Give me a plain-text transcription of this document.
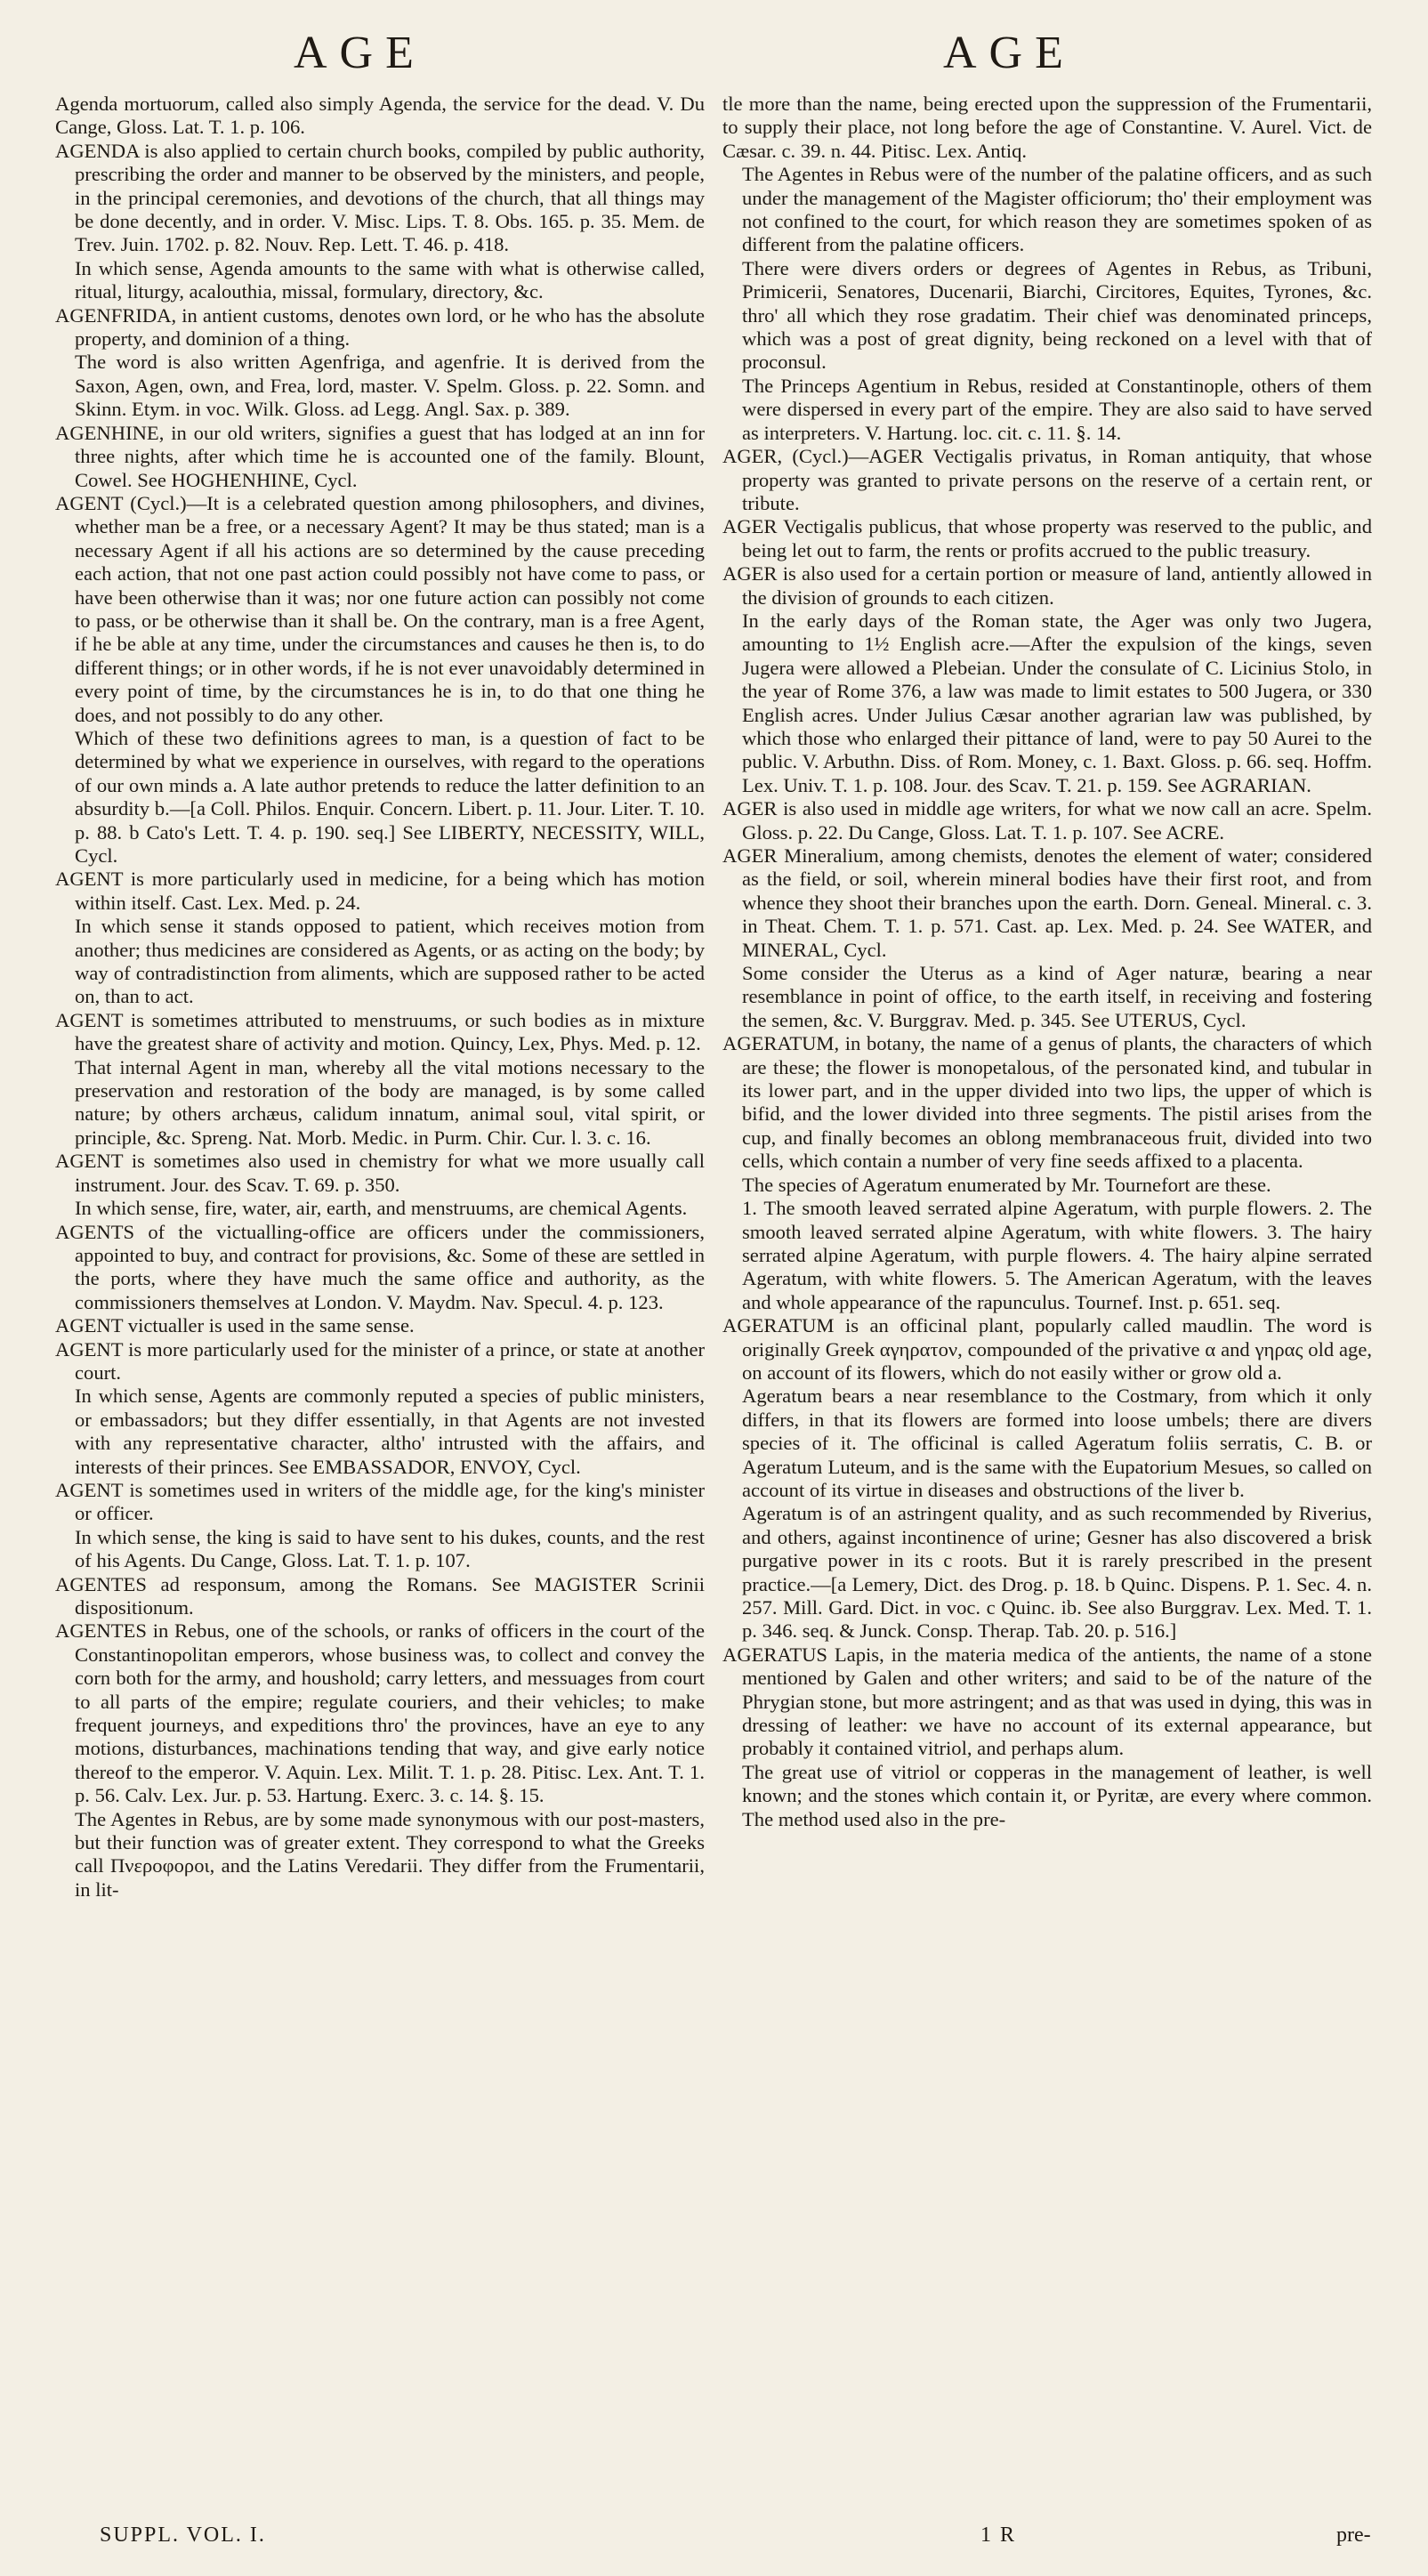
AGE	AGE

Agenda mortuorum, called also simply Agenda, the service for the dead. V. Du Cange, Gloss. Lat. T. 1. p. 106.

AGENDA is also applied to certain church books, compiled by public authority, prescribing the order and manner to be observed by the ministers, and people, in the principal ceremonies, and devotions of the church, that all things may be done decently, and in order. V. Misc. Lips. T. 8. Obs. 165. p. 35. Mem. de Trev. Juin. 1702. p. 82. Nouv. Rep. Lett. T. 46. p. 418.

In which sense, Agenda amounts to the same with what is otherwise called, ritual, liturgy, acalouthia, missal, formulary, directory, &c.

AGENFRIDA, in antient customs, denotes own lord, or he who has the absolute property, and dominion of a thing.

The word is also written Agenfriga, and agenfrie. It is derived from the Saxon, Agen, own, and Frea, lord, master. V. Spelm. Gloss. p. 22. Somn. and Skinn. Etym. in voc. Wilk. Gloss. ad Legg. Angl. Sax. p. 389.

AGENHINE, in our old writers, signifies a guest that has lodged at an inn for three nights, after which time he is accounted one of the family. Blount, Cowel. See HOGHENHINE, Cycl.

AGENT (Cycl.)—It is a celebrated question among philosophers, and divines, whether man be a free, or a necessary Agent? It may be thus stated; man is a necessary Agent if all his actions are so determined by the cause preceding each action, that not one past action could possibly not have come to pass, or have been otherwise than it was; nor one future action can possibly not come to pass, or be otherwise than it shall be. On the contrary, man is a free Agent, if he be able at any time, under the circumstances and causes he then is, to do different things; or in other words, if he is not ever unavoidably determined in every point of time, by the circumstances he is in, to do that one thing he does, and not possibly to do any other.

Which of these two definitions agrees to man, is a question of fact to be determined by what we experience in ourselves, with regard to the operations of our own minds a. A late author pretends to reduce the latter definition to an absurdity b.—[a Coll. Philos. Enquir. Concern. Libert. p. 11. Jour. Liter. T. 10. p. 88. b Cato's Lett. T. 4. p. 190. seq.] See LIBERTY, NECESSITY, WILL, Cycl.

AGENT is more particularly used in medicine, for a being which has motion within itself. Cast. Lex. Med. p. 24.

In which sense it stands opposed to patient, which receives motion from another; thus medicines are considered as Agents, or as acting on the body; by way of contradistinction from aliments, which are supposed rather to be acted on, than to act.

AGENT is sometimes attributed to menstruums, or such bodies as in mixture have the greatest share of activity and motion. Quincy, Lex, Phys. Med. p. 12.

That internal Agent in man, whereby all the vital motions necessary to the preservation and restoration of the body are managed, is by some called nature; by others archæus, calidum innatum, animal soul, vital spirit, or principle, &c. Spreng. Nat. Morb. Medic. in Purm. Chir. Cur. l. 3. c. 16.

AGENT is sometimes also used in chemistry for what we more usually call instrument. Jour. des Scav. T. 69. p. 350.

In which sense, fire, water, air, earth, and menstruums, are chemical Agents.

AGENTS of the victualling-office are officers under the commissioners, appointed to buy, and contract for provisions, &c. Some of these are settled in the ports, where they have much the same office and authority, as the commissioners themselves at London. V. Maydm. Nav. Specul. 4. p. 123.

AGENT victualler is used in the same sense.

AGENT is more particularly used for the minister of a prince, or state at another court.

In which sense, Agents are commonly reputed a species of public ministers, or embassadors; but they differ essentially, in that Agents are not invested with any representative character, altho' intrusted with the affairs, and interests of their princes. See EMBASSADOR, ENVOY, Cycl.

AGENT is sometimes used in writers of the middle age, for the king's minister or officer.

In which sense, the king is said to have sent to his dukes, counts, and the rest of his Agents. Du Cange, Gloss. Lat. T. 1. p. 107.

AGENTES ad responsum, among the Romans. See MAGISTER Scrinii dispositionum.

AGENTES in Rebus, one of the schools, or ranks of officers in the court of the Constantinopolitan emperors, whose business was, to collect and convey the corn both for the army, and houshold; carry letters, and messuages from court to all parts of the empire; regulate couriers, and their vehicles; to make frequent journeys, and expeditions thro' the provinces, have an eye to any motions, disturbances, machinations tending that way, and give early notice thereof to the emperor. V. Aquin. Lex. Milit. T. 1. p. 28. Pitisc. Lex. Ant. T. 1. p. 56. Calv. Lex. Jur. p. 53. Hartung. Exerc. 3. c. 14. §. 15.

The Agentes in Rebus, are by some made synonymous with our post-masters, but their function was of greater extent. They correspond to what the Greeks call Πνεροφοροι, and the Latins Veredarii. They differ from the Frumentarii, in lit-

tle more than the name, being erected upon the suppression of the Frumentarii, to supply their place, not long before the age of Constantine. V. Aurel. Vict. de Cæsar. c. 39. n. 44. Pitisc. Lex. Antiq.

The Agentes in Rebus were of the number of the palatine officers, and as such under the management of the Magister officiorum; tho' their employment was not confined to the court, for which reason they are sometimes spoken of as different from the palatine officers.

There were divers orders or degrees of Agentes in Rebus, as Tribuni, Primicerii, Senatores, Ducenarii, Biarchi, Circitores, Equites, Tyrones, &c. thro' all which they rose gradatim. Their chief was denominated princeps, which was a post of great dignity, being reckoned on a level with that of proconsul.

The Princeps Agentium in Rebus, resided at Constantinople, others of them were dispersed in every part of the empire. They are also said to have served as interpreters. V. Hartung. loc. cit. c. 11. §. 14.

AGER, (Cycl.)—AGER Vectigalis privatus, in Roman antiquity, that whose property was granted to private persons on the reserve of a certain rent, or tribute.

AGER Vectigalis publicus, that whose property was reserved to the public, and being let out to farm, the rents or profits accrued to the public treasury.

AGER is also used for a certain portion or measure of land, antiently allowed in the division of grounds to each citizen.

In the early days of the Roman state, the Ager was only two Jugera, amounting to 1½ English acre.—After the expulsion of the kings, seven Jugera were allowed a Plebeian. Under the consulate of C. Licinius Stolo, in the year of Rome 376, a law was made to limit estates to 500 Jugera, or 330 English acres. Under Julius Cæsar another agrarian law was published, by which those who enlarged their pittance of land, were to pay 50 Aurei to the public. V. Arbuthn. Diss. of Rom. Money, c. 1. Baxt. Gloss. p. 66. seq. Hoffm. Lex. Univ. T. 1. p. 108. Jour. des Scav. T. 21. p. 159. See AGRARIAN.

AGER is also used in middle age writers, for what we now call an acre. Spelm. Gloss. p. 22. Du Cange, Gloss. Lat. T. 1. p. 107. See ACRE.

AGER Mineralium, among chemists, denotes the element of water; considered as the field, or soil, wherein mineral bodies have their first root, and from whence they shoot their branches upon the earth. Dorn. Geneal. Mineral. c. 3. in Theat. Chem. T. 1. p. 571. Cast. ap. Lex. Med. p. 24. See WATER, and MINERAL, Cycl.

Some consider the Uterus as a kind of Ager naturæ, bearing a near resemblance in point of office, to the earth itself, in receiving and fostering the semen, &c. V. Burggrav. Med. p. 345. See UTERUS, Cycl.

AGERATUM, in botany, the name of a genus of plants, the characters of which are these; the flower is monopetalous, of the personated kind, and tubular in its lower part, and in the upper divided into two lips, the upper of which is bifid, and the lower divided into three segments. The pistil arises from the cup, and finally becomes an oblong membranaceous fruit, divided into two cells, which contain a number of very fine seeds affixed to a placenta.

The species of Ageratum enumerated by Mr. Tournefort are these.

1. The smooth leaved serrated alpine Ageratum, with purple flowers. 2. The smooth leaved serrated alpine Ageratum, with white flowers. 3. The hairy serrated alpine Ageratum, with purple flowers. 4. The hairy alpine serrated Ageratum, with white flowers. 5. The American Ageratum, with the leaves and whole appearance of the rapunculus. Tournef. Inst. p. 651. seq.

AGERATUM is an officinal plant, popularly called maudlin. The word is originally Greek αγηρατον, compounded of the privative α and γηρας old age, on account of its flowers, which do not easily wither or grow old a.

Ageratum bears a near resemblance to the Costmary, from which it only differs, in that its flowers are formed into loose umbels; there are divers species of it. The officinal is called Ageratum foliis serratis, C. B. or Ageratum Luteum, and is the same with the Eupatorium Mesues, so called on account of its virtue in diseases and obstructions of the liver b.

Ageratum is of an astringent quality, and as such recommended by Riverius, and others, against incontinence of urine; Gesner has also discovered a brisk purgative power in its c roots. But it is rarely prescribed in the present practice.—[a Lemery, Dict. des Drog. p. 18. b Quinc. Dispens. P. 1. Sec. 4. n. 257. Mill. Gard. Dict. in voc. c Quinc. ib. See also Burggrav. Lex. Med. T. 1. p. 346. seq. & Junck. Consp. Therap. Tab. 20. p. 516.]

AGERATUS Lapis, in the materia medica of the antients, the name of a stone mentioned by Galen and other writers; and said to be of the nature of the Phrygian stone, but more astringent; and as that was used in dying, this was in dressing of leather: we have no account of its external appearance, but probably it contained vitriol, and perhaps alum.

The great use of vitriol or copperas in the management of leather, is well known; and the stones which contain it, or Pyritæ, are every where common. The method used also in the pre-

SUPPL. VOL. I.	1 R	pre-
